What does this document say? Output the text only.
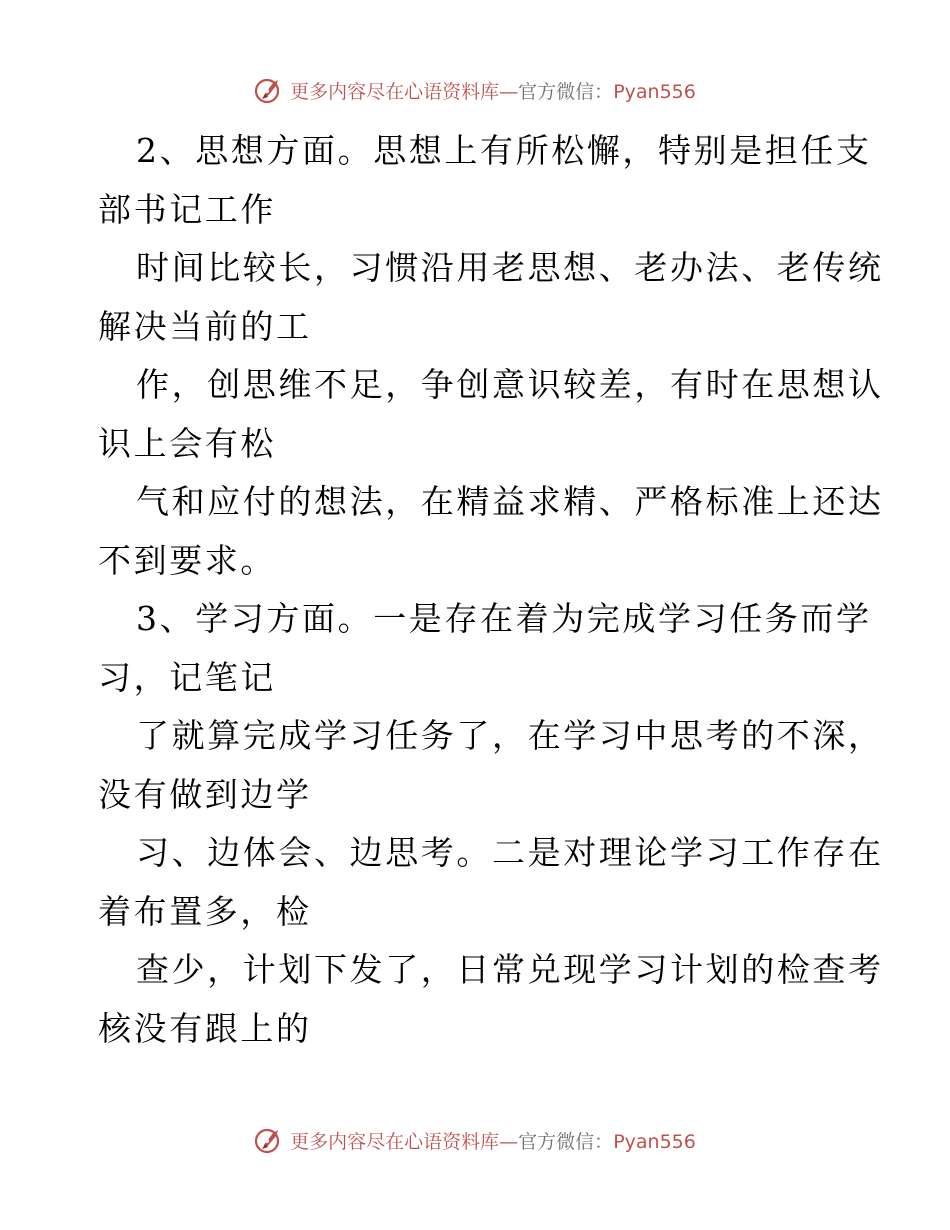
更多内容尽在心语资料库—官方微信：Pyan556
2、思想方面。思想上有所松懈，特别是担任支
部书记工作
时间比较长，习惯沿用老思想、老办法、老传统
解决当前的工
作，创思维不足，争创意识较差，有时在思想认
识上会有松
气和应付的想法，在精益求精、严格标准上还达
不到要求。
3、学习方面。一是存在着为完成学习任务而学
习，记笔记
了就算完成学习任务了，在学习中思考的不深，
没有做到边学
习、边体会、边思考。二是对理论学习工作存在
着布置多，检
查少，计划下发了，日常兑现学习计划的检查考
核没有跟上的
更多内容尽在心语资料库—官方微信：Pyan556
